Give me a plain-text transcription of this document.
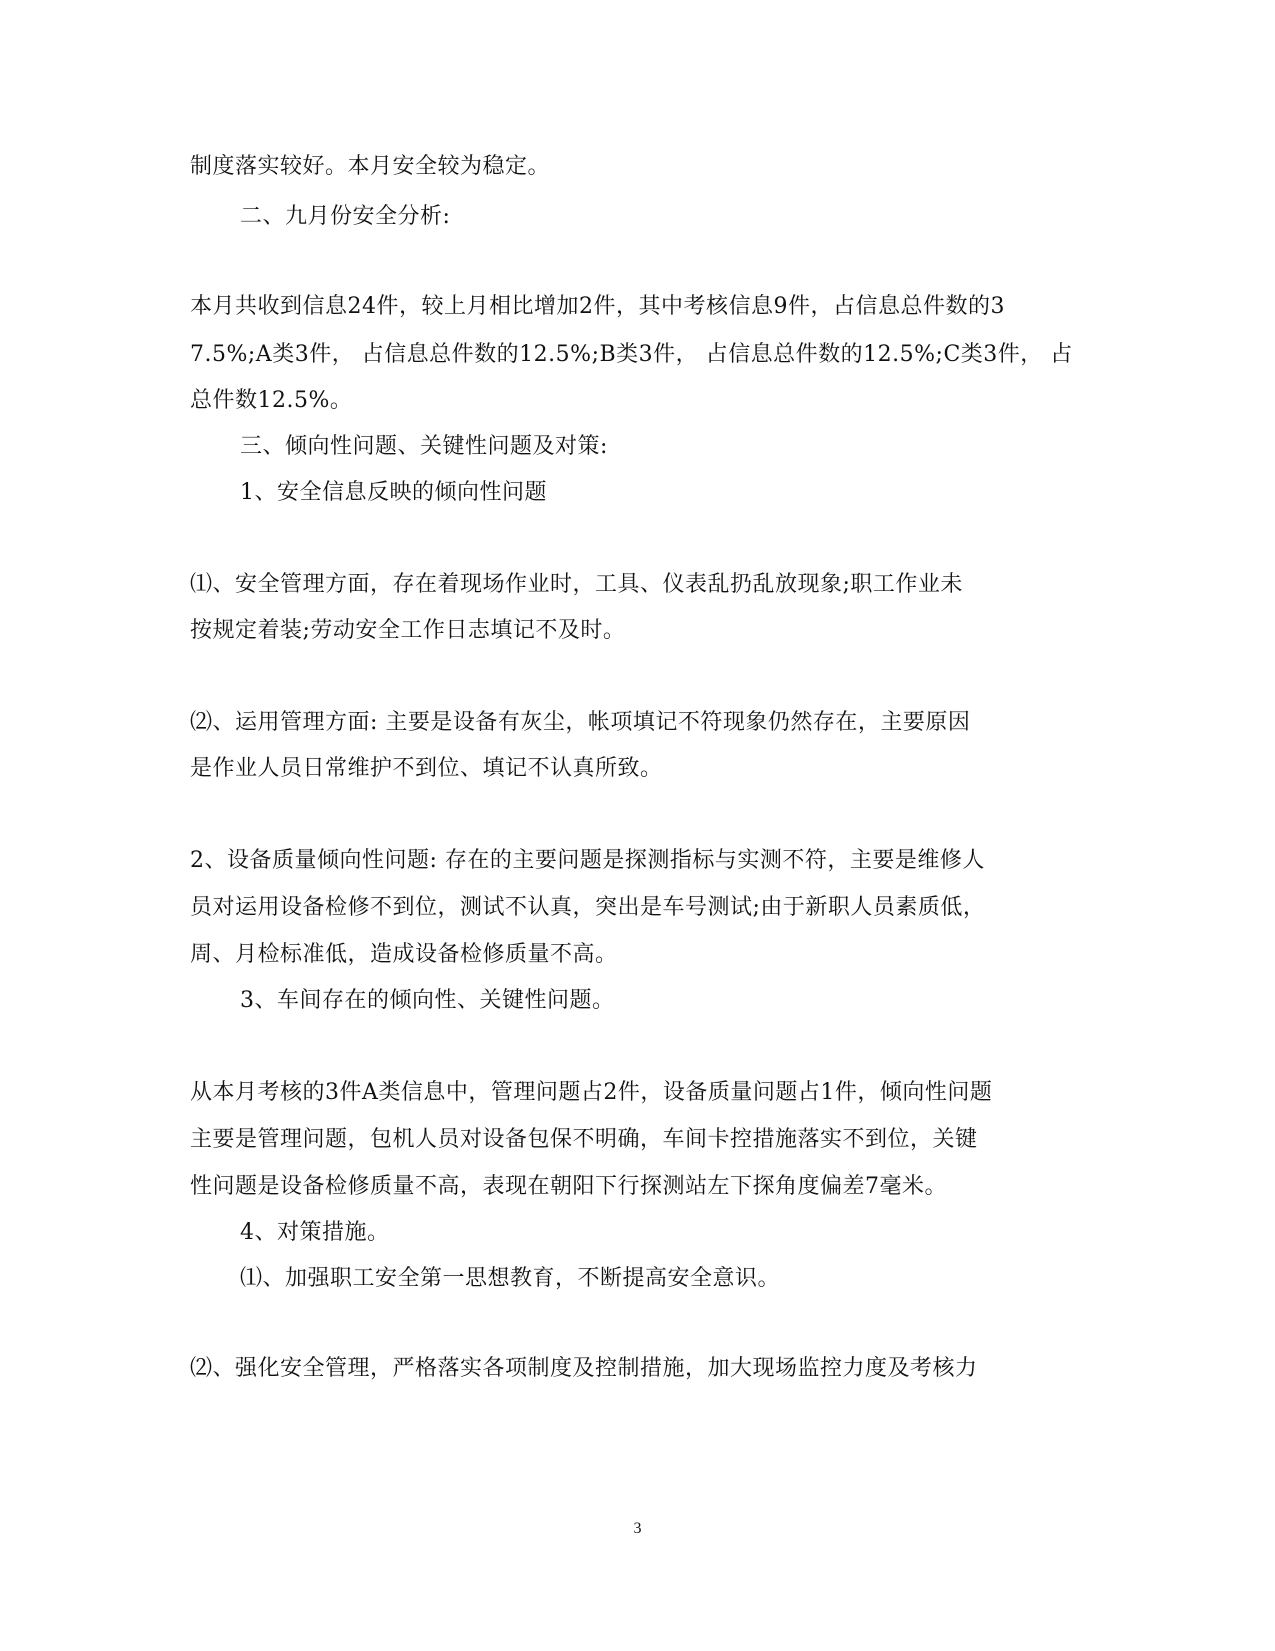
制度落实较好。本月安全较为稳定。
二、九月份安全分析:
本月共收到信息24件，较上月相比增加2件，其中考核信息9件，占信息总件数的3
7.5%;A类3件， 占信息总件数的12.5%;B类3件， 占信息总件数的12.5%;C类3件， 占
总件数12.5%。
三、倾向性问题、关键性问题及对策:
1、安全信息反映的倾向性问题
⑴、安全管理方面，存在着现场作业时，工具、仪表乱扔乱放现象;职工作业未
按规定着装;劳动安全工作日志填记不及时。
⑵、运用管理方面: 主要是设备有灰尘，帐项填记不符现象仍然存在，主要原因
是作业人员日常维护不到位、填记不认真所致。
2、设备质量倾向性问题: 存在的主要问题是探测指标与实测不符，主要是维修人
员对运用设备检修不到位，测试不认真，突出是车号测试;由于新职人员素质低，
周、月检标准低，造成设备检修质量不高。
3、车间存在的倾向性、关键性问题。
从本月考核的3件A类信息中，管理问题占2件，设备质量问题占1件，倾向性问题
主要是管理问题，包机人员对设备包保不明确，车间卡控措施落实不到位，关键
性问题是设备检修质量不高，表现在朝阳下行探测站左下探角度偏差7毫米。
4、对策措施。
⑴、加强职工安全第一思想教育，不断提高安全意识。
⑵、强化安全管理，严格落实各项制度及控制措施，加大现场监控力度及考核力
3
